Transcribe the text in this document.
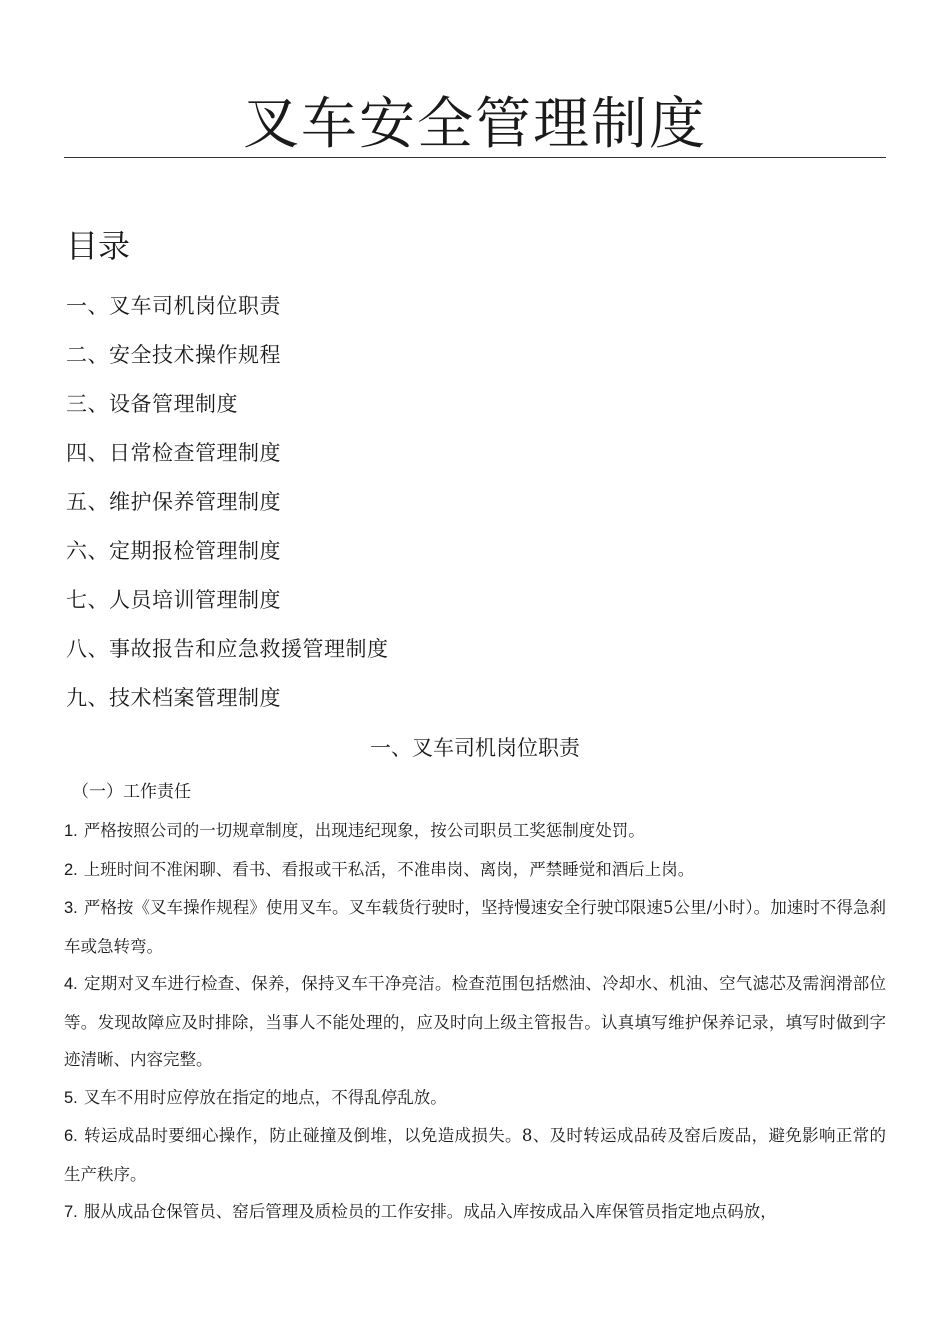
叉车安全管理制度
目录
一、叉车司机岗位职责
二、安全技术操作规程
三、设备管理制度
四、日常检查管理制度
五、维护保养管理制度
六、定期报检管理制度
七、人员培训管理制度
八、事故报告和应急救援管理制度
九、技术档案管理制度
一、叉车司机岗位职责
（一）工作责任

1. 严格按照公司的一切规章制度，出现违纪现象，按公司职员工奖惩制度处罚。

2. 上班时间不准闲聊、看书、看报或干私活，不准串岗、离岗，严禁睡觉和酒后上岗。

3. 严格按《叉车操作规程》使用叉车。叉车载货行驶时，坚持慢速安全行驶邙限速5公里/小时）。加速时不得急刹车或急转弯。

4. 定期对叉车进行检查、保养，保持叉车干净亮洁。检查范围包括燃油、冷却水、机油、空气滤芯及需润滑部位等。发现故障应及时排除，当事人不能处理的，应及时向上级主管报告。认真填写维护保养记录，填写时做到字迹清晰、内容完整。

5. 叉车不用时应停放在指定的地点，不得乱停乱放。

6. 转运成品时要细心操作，防止碰撞及倒堆，以免造成损失。8、及时转运成品砖及窑后废品，避免影响正常的生产秩序。

7. 服从成品仓保管员、窑后管理及质检员的工作安排。成品入库按成品入库保管员指定地点码放，
